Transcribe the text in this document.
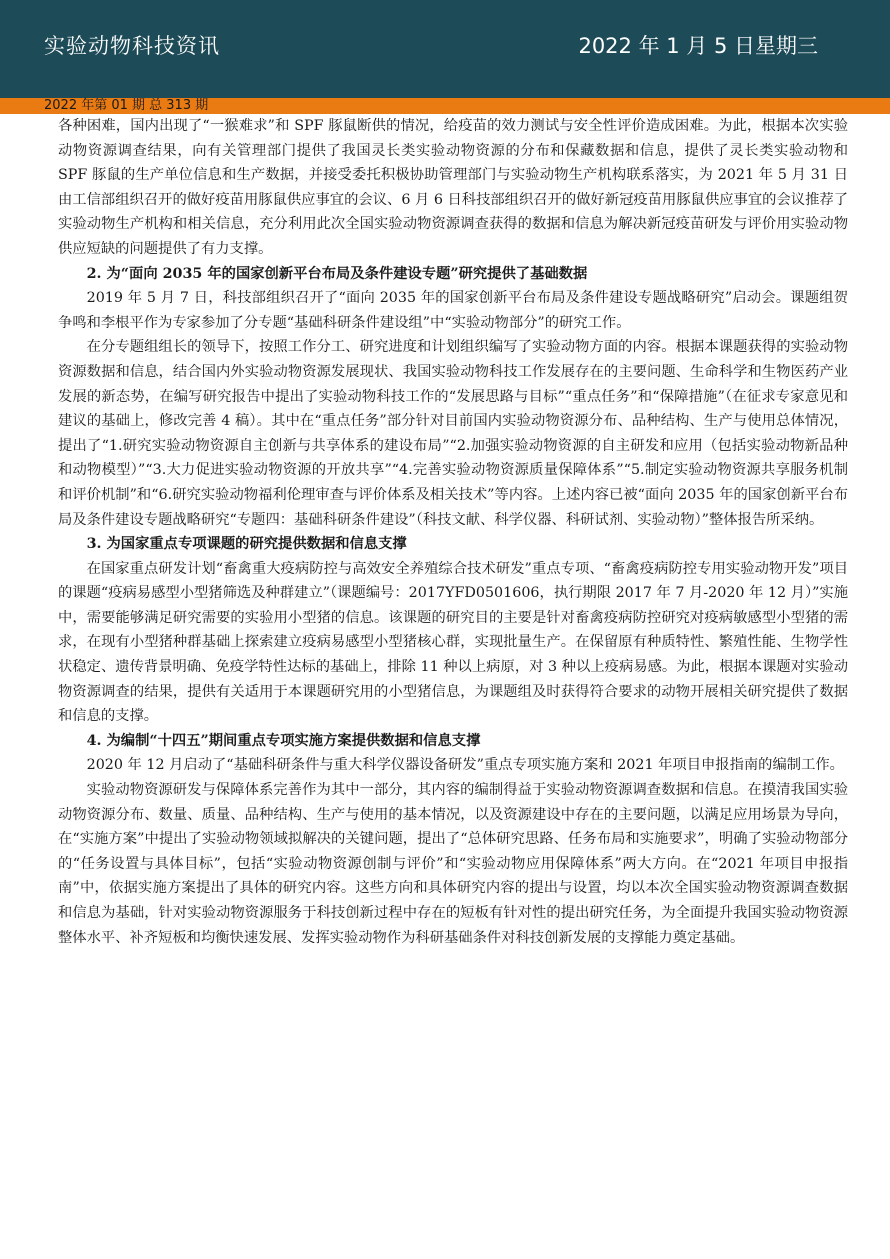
实验动物科技资讯	2022 年 1 月 5 日星期三
2022 年第 01 期 总 313 期

各种困难，国内出现了“一猴难求”和 SPF 豚鼠断供的情况，给疫苗的效力测试与安全性评价造成困难。为此，根据本次实验动物资源调查结果，向有关管理部门提供了我国灵长类实验动物资源的分布和保藏数据和信息，提供了灵长类实验动物和 SPF 豚鼠的生产单位信息和生产数据，并接受委托积极协助管理部门与实验动物生产机构联系落实，为 2021 年 5 月 31 日由工信部组织召开的做好疫苗用豚鼠供应事宜的会议、6 月 6 日科技部组织召开的做好新冠疫苗用豚鼠供应事宜的会议推荐了实验动物生产机构和相关信息，充分利用此次全国实验动物资源调查获得的数据和信息为解决新冠疫苗研发与评价用实验动物供应短缺的问题提供了有力支撑。

2. 为“面向 2035 年的国家创新平台布局及条件建设专题”研究提供了基础数据

2019 年 5 月 7 日，科技部组织召开了“面向 2035 年的国家创新平台布局及条件建设专题战略研究”启动会。课题组贺争鸣和李根平作为专家参加了分专题“基础科研条件建设组”中“实验动物部分”的研究工作。

在分专题组组长的领导下，按照工作分工、研究进度和计划组织编写了实验动物方面的内容。根据本课题获得的实验动物资源数据和信息，结合国内外实验动物资源发展现状、我国实验动物科技工作发展存在的主要问题、生命科学和生物医药产业发展的新态势，在编写研究报告中提出了实验动物科技工作的“发展思路与目标”“重点任务”和“保障措施”（在征求专家意见和建议的基础上，修改完善 4 稿）。其中在“重点任务”部分针对目前国内实验动物资源分布、品种结构、生产与使用总体情况，提出了“1.研究实验动物资源自主创新与共享体系的建设布局”“2.加强实验动物资源的自主研发和应用（包括实验动物新品种和动物模型）”“3.大力促进实验动物资源的开放共享”“4.完善实验动物资源质量保障体系”“5.制定实验动物资源共享服务机制和评价机制”和“6.研究实验动物福利伦理审查与评价体系及相关技术”等内容。上述内容已被“面向 2035 年的国家创新平台布局及条件建设专题战略研究“专题四：基础科研条件建设”（科技文献、科学仪器、科研试剂、实验动物）”整体报告所采纳。

3. 为国家重点专项课题的研究提供数据和信息支撑

在国家重点研发计划“畜禽重大疫病防控与高效安全养殖综合技术研发”重点专项、“畜禽疫病防控专用实验动物开发”项目的课题“疫病易感型小型猪筛选及种群建立”（课题编号：2017YFD0501606，执行期限 2017 年 7 月-2020 年 12 月）”实施中，需要能够满足研究需要的实验用小型猪的信息。该课题的研究目的主要是针对畜禽疫病防控研究对疫病敏感型小型猪的需求，在现有小型猪种群基础上探索建立疫病易感型小型猪核心群，实现批量生产。在保留原有种质特性、繁殖性能、生物学性状稳定、遗传背景明确、免疫学特性达标的基础上，排除 11 种以上病原，对 3 种以上疫病易感。为此，根据本课题对实验动物资源调查的结果，提供有关适用于本课题研究用的小型猪信息，为课题组及时获得符合要求的动物开展相关研究提供了数据和信息的支撑。

4. 为编制“十四五”期间重点专项实施方案提供数据和信息支撑

2020 年 12 月启动了“基础科研条件与重大科学仪器设备研发”重点专项实施方案和 2021 年项目申报指南的编制工作。

实验动物资源研发与保障体系完善作为其中一部分，其内容的编制得益于实验动物资源调查数据和信息。在摸清我国实验动物资源分布、数量、质量、品种结构、生产与使用的基本情况，以及资源建设中存在的主要问题，以满足应用场景为导向，在“实施方案”中提出了实验动物领域拟解决的关键问题，提出了“总体研究思路、任务布局和实施要求”，明确了实验动物部分的“任务设置与具体目标”，包括“实验动物资源创制与评价”和“实验动物应用保障体系”两大方向。在“2021 年项目申报指南”中，依据实施方案提出了具体的研究内容。这些方向和具体研究内容的提出与设置，均以本次全国实验动物资源调查数据和信息为基础，针对实验动物资源服务于科技创新过程中存在的短板有针对性的提出研究任务，为全面提升我国实验动物资源整体水平、补齐短板和均衡快速发展、发挥实验动物作为科研基础条件对科技创新发展的支撑能力奠定基础。
